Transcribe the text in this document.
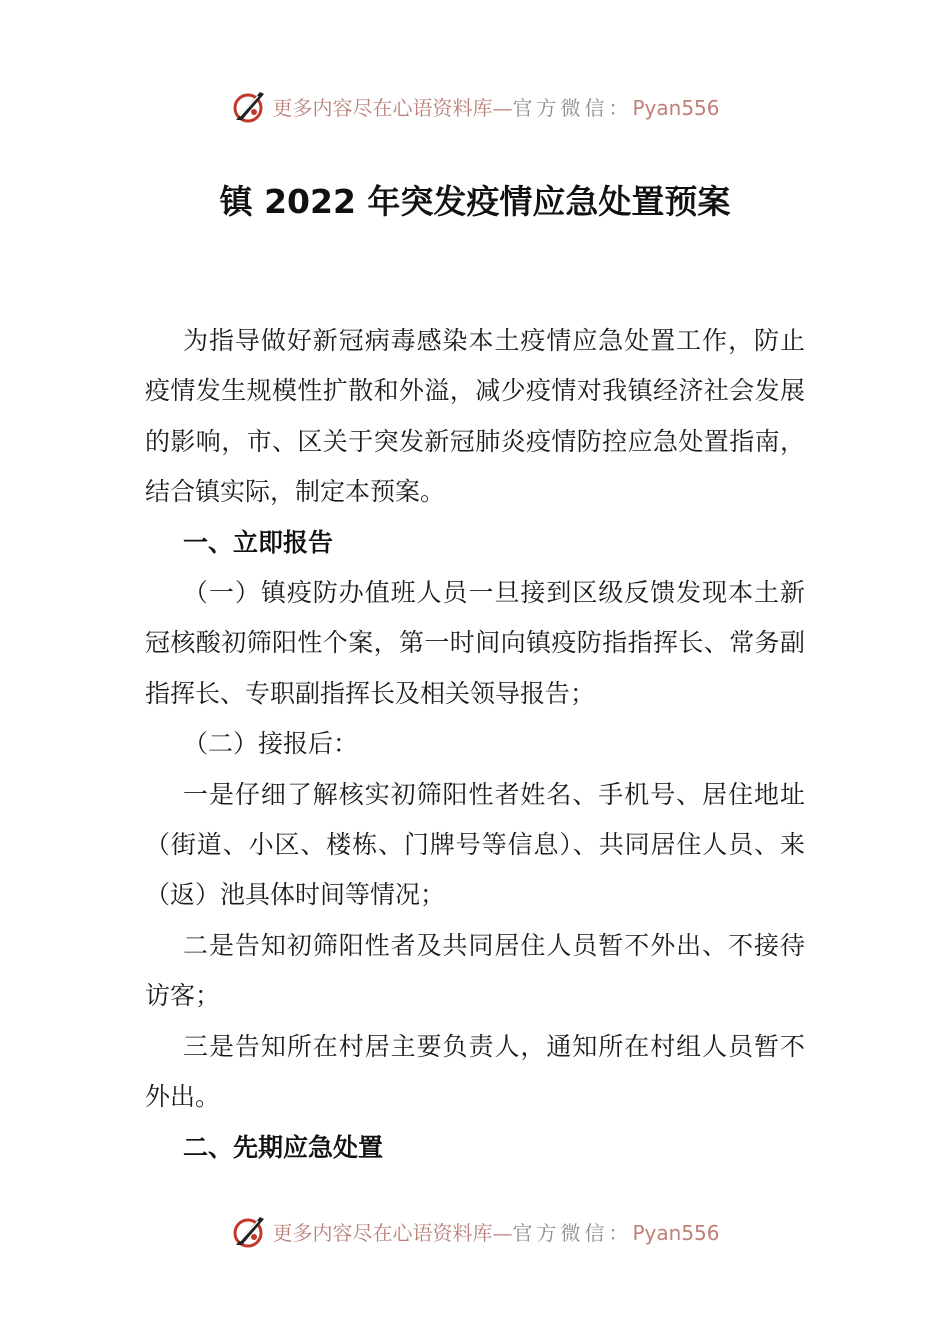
更多内容尽在心语资料库—官方微信：Pyan556
镇 2022 年突发疫情应急处置预案

为指导做好新冠病毒感染本土疫情应急处置工作，防止疫情发生规模性扩散和外溢，减少疫情对我镇经济社会发展的影响，市、区关于突发新冠肺炎疫情防控应急处置指南，结合镇实际，制定本预案。

一、立即报告

（一）镇疫防办值班人员一旦接到区级反馈发现本土新冠核酸初筛阳性个案，第一时间向镇疫防指指挥长、常务副指挥长、专职副指挥长及相关领导报告；

（二）接报后：

一是仔细了解核实初筛阳性者姓名、手机号、居住地址（街道、小区、楼栋、门牌号等信息）、共同居住人员、来（返）池具体时间等情况；

二是告知初筛阳性者及共同居住人员暂不外出、不接待访客；

三是告知所在村居主要负责人，通知所在村组人员暂不外出。

二、先期应急处置

更多内容尽在心语资料库—官方微信：Pyan556
